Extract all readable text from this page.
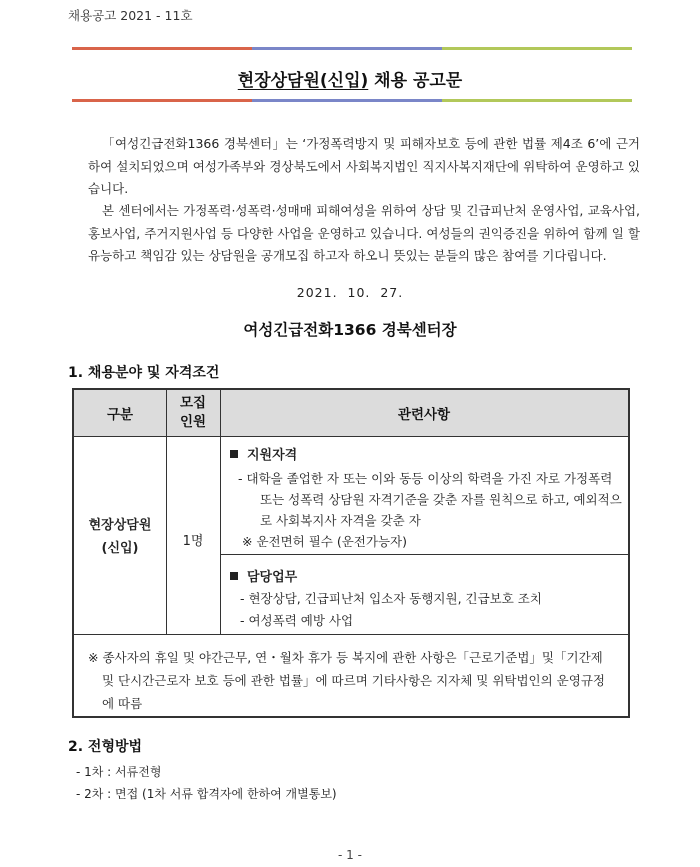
채용공고 2021 - 11호
현장상담원(신입) 채용 공고문
「여성긴급전화1366 경북센터」는 ‘가정폭력방지 및 피해자보호 등에 관한 법률 제4조 6’에 근거하여 설치되었으며 여성가족부와 경상북도에서 사회복지법인 직지사복지재단에 위탁하여 운영하고 있습니다.
본 센터에서는 가정폭력·성폭력·성매매 피해여성을 위하여 상담 및 긴급피난처 운영사업, 교육사업, 홍보사업, 주거지원사업 등 다양한 사업을 운영하고 있습니다. 여성들의 권익증진을 위하여 함께 일 할 유능하고 책임감 있는 상담원을 공개모집 하고자 하오니 뜻있는 분들의 많은 참여를 기다립니다.
2021.  10.  27.
여성긴급전화1366 경북센터장
1. 채용분야 및 자격조건
구분
모집
인원	관련사항
현장상담원
(신입)	1명
지원자격
- 대학을 졸업한 자 또는 이와 동등 이상의 학력을 가진 자로 가정폭력
또는 성폭력 상담원 자격기준을 갖춘 자를 원칙으로 하고, 예외적으
로 사회복지사 자격을 갖춘 자
※ 운전면허 필수 (운전가능자)
담당업무
- 현장상담, 긴급피난처 입소자 동행지원, 긴급보호 조치
- 여성폭력 예방 사업
※ 종사자의 휴일 및 야간근무, 연・월차 휴가 등 복지에 관한 사항은「근로기준법」및「기간제
및 단시간근로자 보호 등에 관한 법률」에 따르며 기타사항은 지자체 및 위탁법인의 운영규정
에 따름
2. 전형방법
- 1차 : 서류전형
- 2차 : 면접 (1차 서류 합격자에 한하여 개별통보)
- 1 -
